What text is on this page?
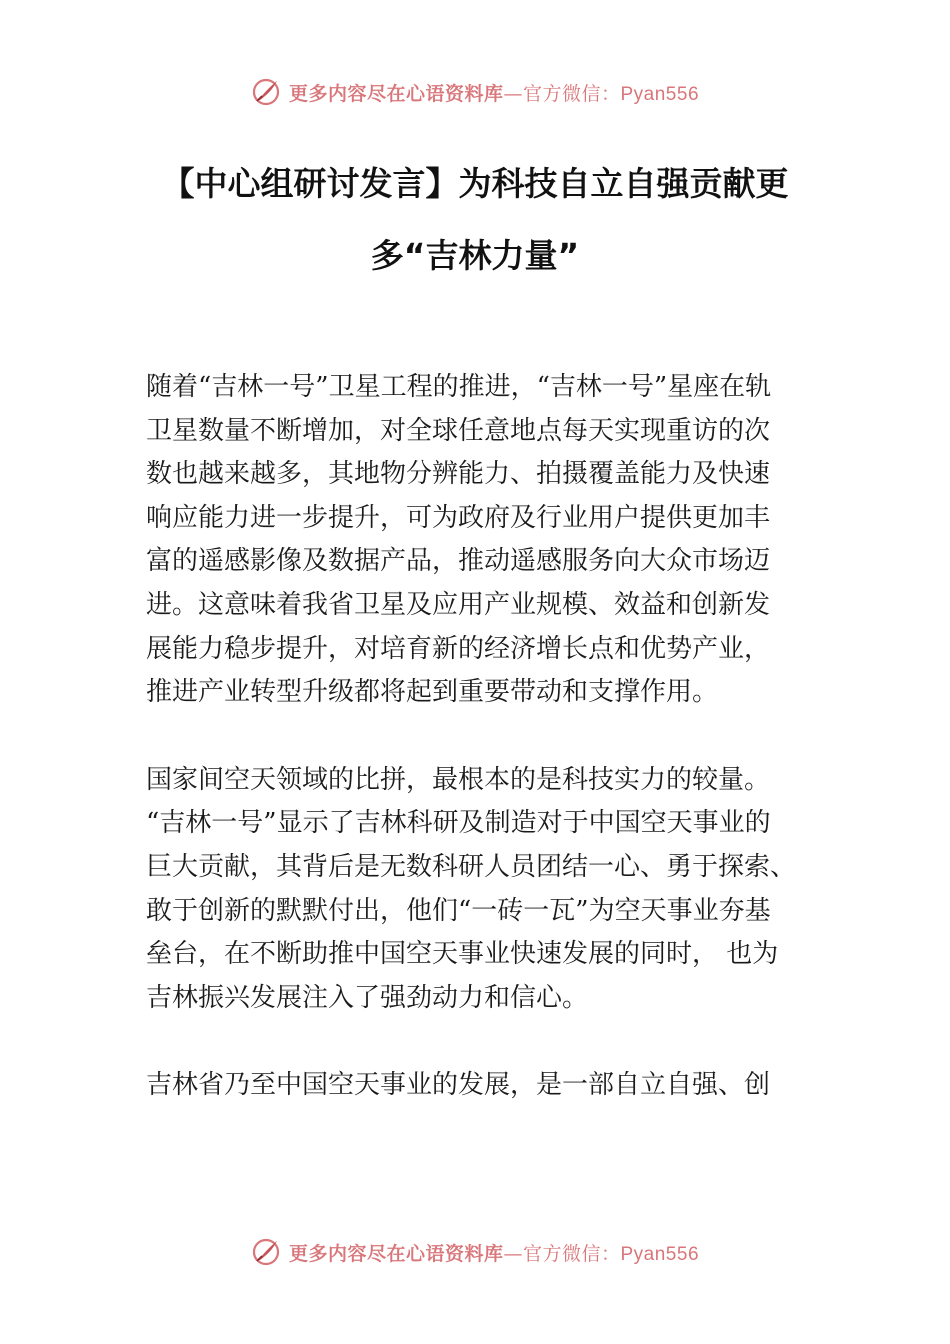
更多内容尽在心语资料库—官方微信：Pyan556
【中心组研讨发言】为科技自立自强贡献更
多“吉林力量”

随着“吉林一号”卫星工程的推进，“吉林一号”星座在轨
卫星数量不断增加，对全球任意地点每天实现重访的次
数也越来越多，其地物分辨能力、拍摄覆盖能力及快速
响应能力进一步提升，可为政府及行业用户提供更加丰
富的遥感影像及数据产品，推动遥感服务向大众市场迈
进。这意味着我省卫星及应用产业规模、效益和创新发
展能力稳步提升，对培育新的经济增长点和优势产业，
推进产业转型升级都将起到重要带动和支撑作用。

国家间空天领域的比拼，最根本的是科技实力的较量。
“吉林一号”显示了吉林科研及制造对于中国空天事业的
巨大贡献，其背后是无数科研人员团结一心、勇于探索、
敢于创新的默默付出，他们“一砖一瓦”为空天事业夯基
垒台，在不断助推中国空天事业快速发展的同时， 也为
吉林振兴发展注入了强劲动力和信心。

吉林省乃至中国空天事业的发展，是一部自立自强、创

更多内容尽在心语资料库—官方微信：Pyan556
